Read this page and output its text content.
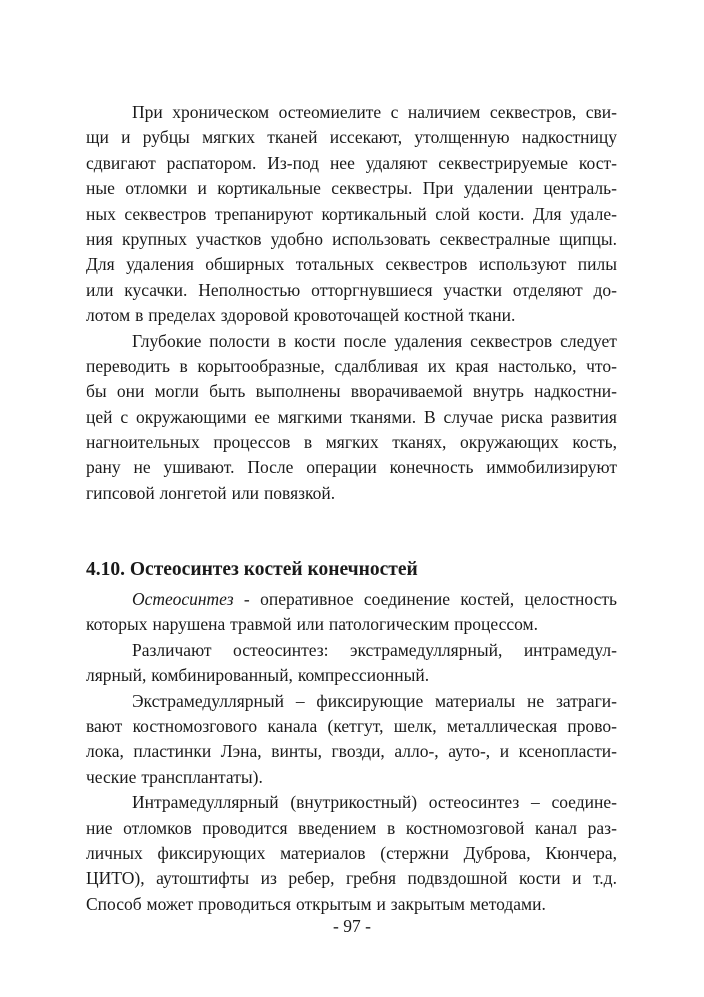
При хроническом остеомиелите с наличием секвестров, сви-
щи и рубцы мягких тканей иссекают, утолщенную надкостницу
сдвигают распатором. Из-под нее удаляют секвестрируемые кост-
ные отломки и кортикальные секвестры. При удалении централь-
ных секвестров трепанируют кортикальный слой кости. Для удале-
ния крупных участков удобно использовать секвестралные щипцы.
Для удаления обширных тотальных секвестров используют пилы
или кусачки. Неполностью отторгнувшиеся участки отделяют до-
лотом в пределах здоровой кровоточащей костной ткани.
Глубокие полости в кости после удаления секвестров следует
переводить в корытообразные, сдалбливая их края настолько, что-
бы они могли быть выполнены вворачиваемой внутрь надкостни-
цей с окружающими ее мягкими тканями. В случае риска развития
нагноительных процессов в мягких тканях, окружающих кость,
рану не ушивают. После операции конечность иммобилизируют
гипсовой лонгетой или повязкой.
4.10. Остеосинтез костей конечностей
Остеосинтез - оперативное соединение костей, целостность
которых нарушена травмой или патологическим процессом.
Различают остеосинтез: экстрамедуллярный, интрамедул-
лярный, комбинированный, компрессионный.
Экстрамедуллярный – фиксирующие материалы не затраги-
вают костномозгового канала (кетгут, шелк, металлическая прово-
лока, пластинки Лэна, винты, гвозди, алло-, ауто-, и ксенопласти-
ческие трансплантаты).
Интрамедуллярный (внутрикостный) остеосинтез – соедине-
ние отломков проводится введением в костномозговой канал раз-
личных фиксирующих материалов (стержни Дуброва, Кюнчера,
ЦИТО), аутоштифты из ребер, гребня подвздошной кости и т.д.
Способ может проводиться открытым и закрытым методами.
- 97 -
